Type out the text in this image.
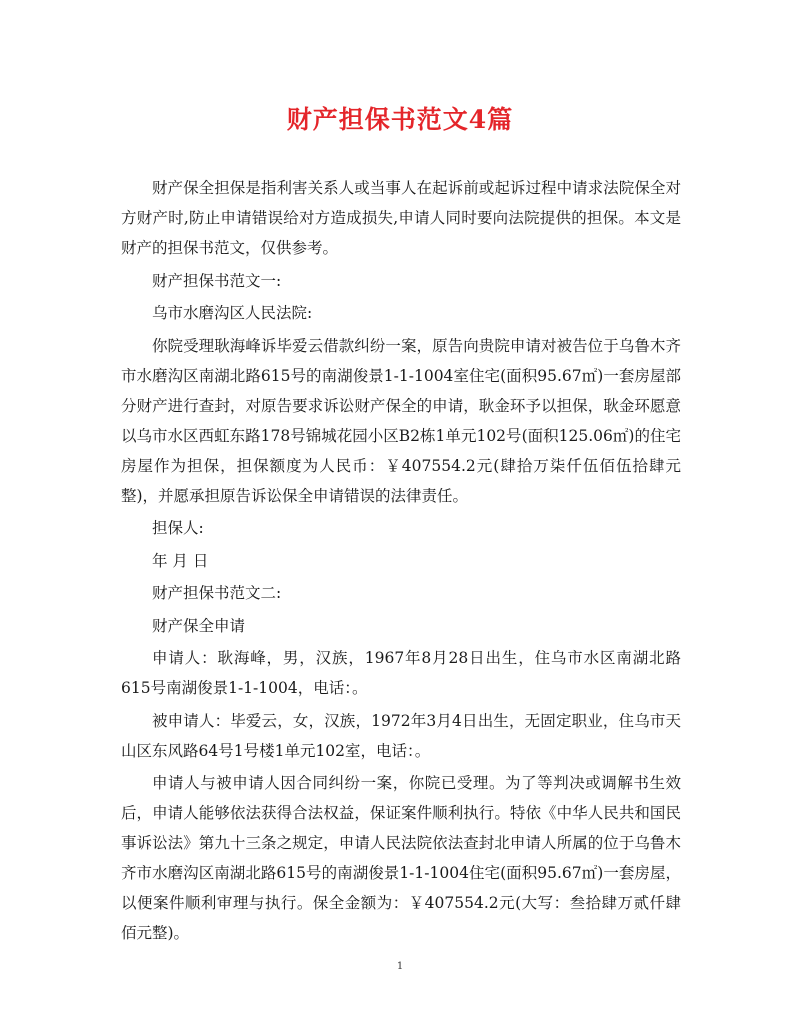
财产担保书范文4篇

财产保全担保是指利害关系人或当事人在起诉前或起诉过程中请求法院保全对方财产时,防止申请错误给对方造成损失,申请人同时要向法院提供的担保。本文是财产的担保书范文，仅供参考。

财产担保书范文一:

乌市水磨沟区人民法院:

你院受理耿海峰诉毕爱云借款纠纷一案，原告向贵院申请对被告位于乌鲁木齐市水磨沟区南湖北路615号的南湖俊景1-1-1004室住宅(面积95.67㎡)一套房屋部分财产进行查封，对原告要求诉讼财产保全的申请，耿金环予以担保，耿金环愿意以乌市水区西虹东路178号锦城花园小区B2栋1单元102号(面积125.06㎡)的住宅房屋作为担保，担保额度为人民币：￥407554.2元(肆拾万柒仟伍佰伍拾肆元整)，并愿承担原告诉讼保全申请错误的法律责任。

担保人:

年 月 日

财产担保书范文二:

财产保全申请

申请人：耿海峰，男，汉族，1967年8月28日出生，住乌市水区南湖北路615号南湖俊景1-1-1004，电话：。

被申请人：毕爱云，女，汉族，1972年3月4日出生，无固定职业，住乌市天山区东风路64号1号楼1单元102室，电话：。

申请人与被申请人因合同纠纷一案，你院已受理。为了等判决或调解书生效后，申请人能够依法获得合法权益，保证案件顺利执行。特依《中华人民共和国民事诉讼法》第九十三条之规定，申请人民法院依法查封北申请人所属的位于乌鲁木齐市水磨沟区南湖北路615号的南湖俊景1-1-1004住宅(面积95.67㎡)一套房屋，以便案件顺利审理与执行。保全金额为：￥407554.2元(大写：叁拾肆万贰仟肆佰元整)。

1
